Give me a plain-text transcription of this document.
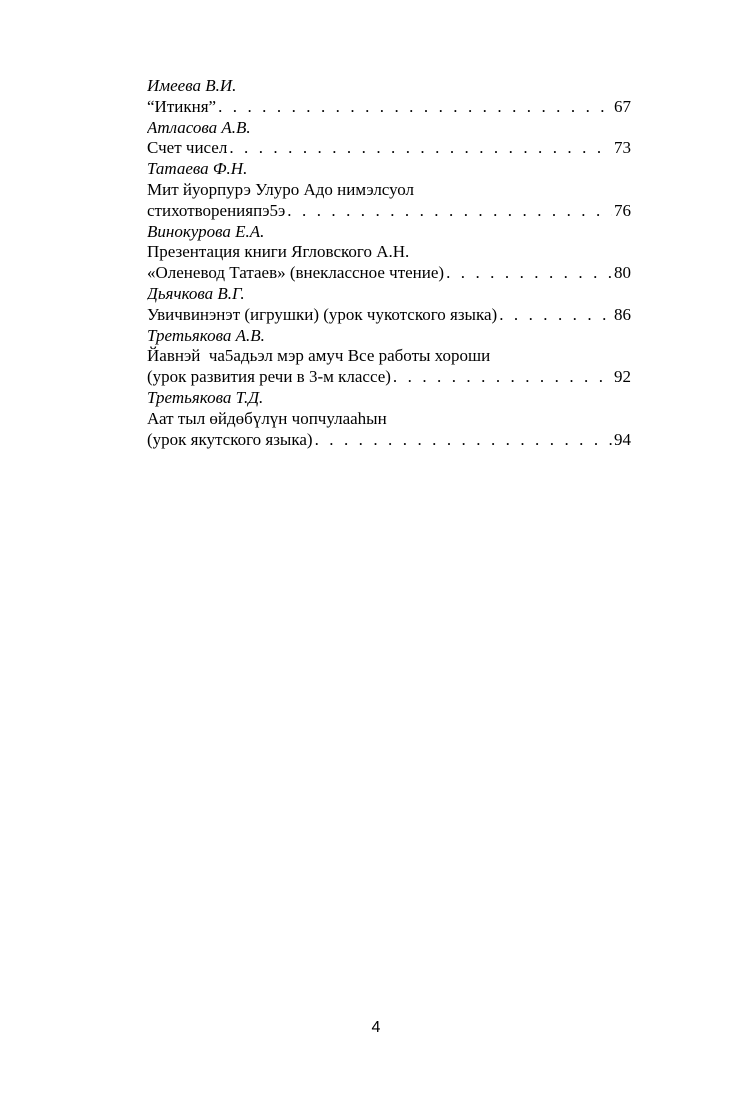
Имеева В.И.
“Итикня” . . .	67
Атласова А.В.
Счет чисел . . .	73
Татаева Ф.Н.
Мит йуорпурэ Улуро Адо нимэлсуол
стихотворенияпэ5э . . .	76
Винокурова Е.А.
Презентация книги Ягловского А.Н.
«Оленевод Татаев» (внеклассное чтение) . . .	80
Дьячкова В.Г.
Увичвинэнэт (игрушки) (урок чукотского языка) . . .	86
Третьякова А.В.
Йавнэй  ча5адьэл мэр амуч Все работы хороши
(урок развития речи в 3-м классе) . . .	92
Третьякова Т.Д.
Аат тыл өйдөбүлүн чопчулааһын
(урок якутского языка) . . .	94
4
